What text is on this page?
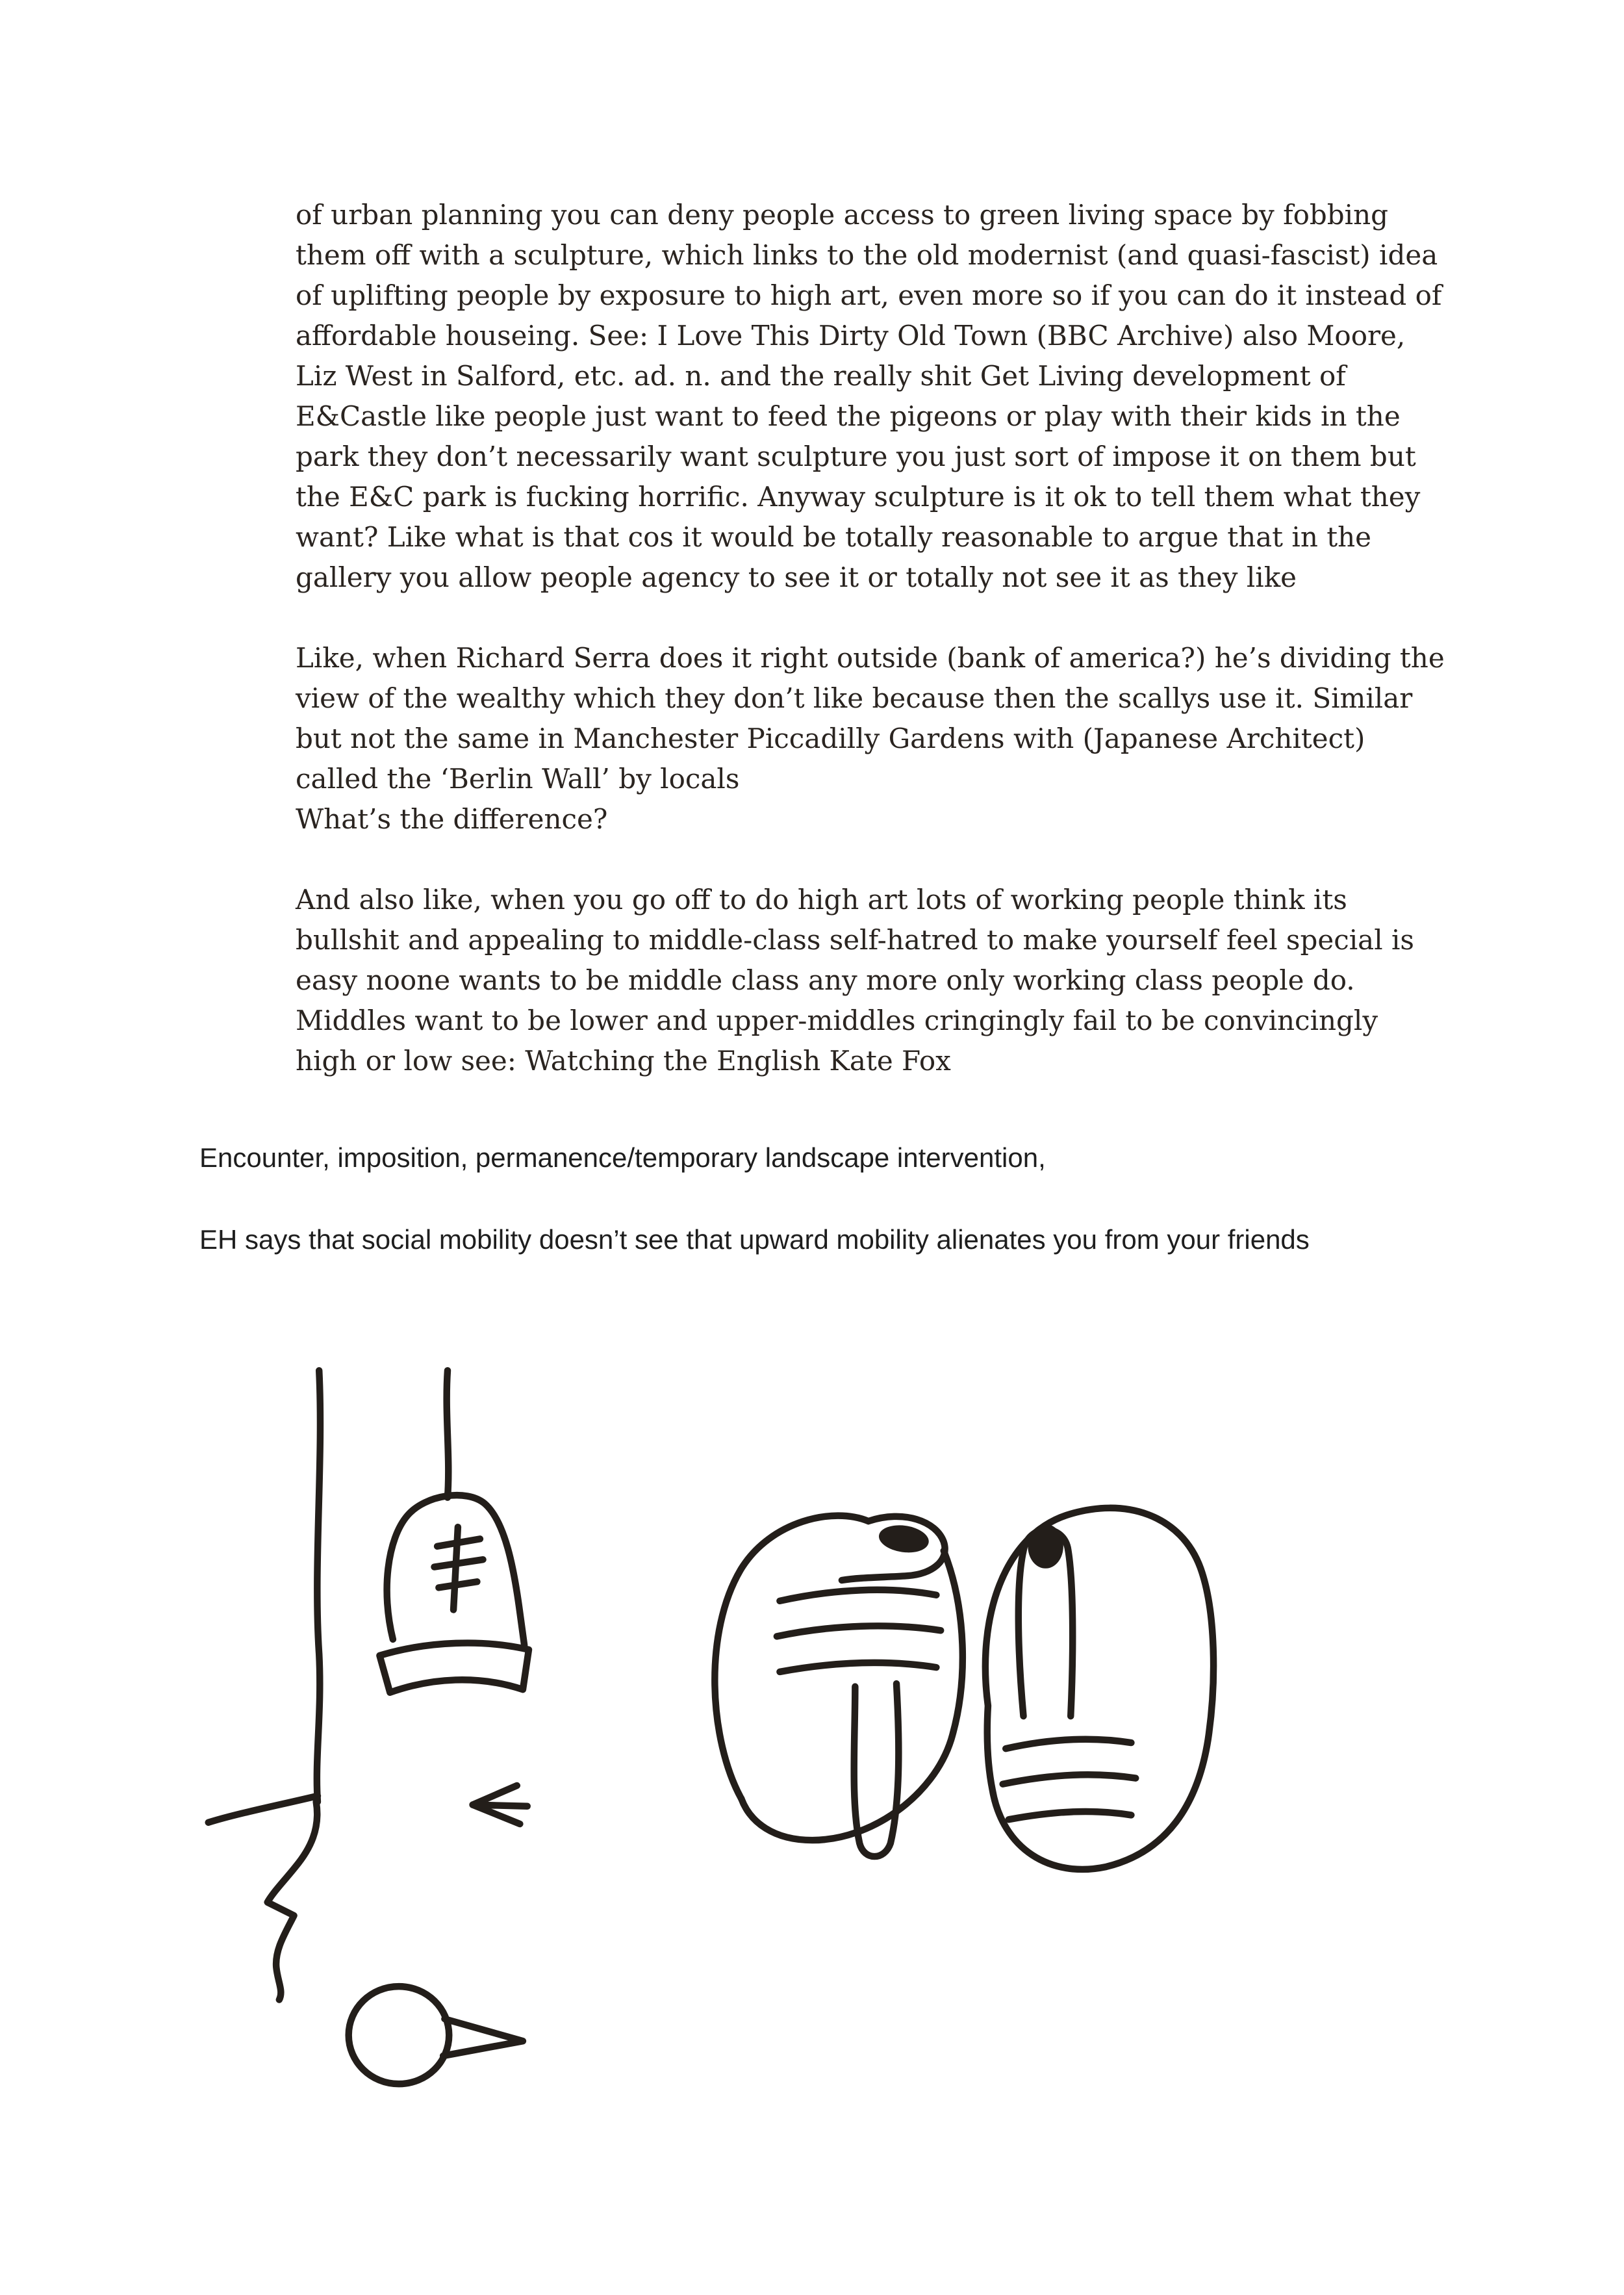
of urban planning you can deny people access to green living space by fobbing them off with a sculpture, which links to the old modernist (and quasi-fascist) idea of uplifting people by exposure to high art, even more so if you can do it instead of affordable houseing. See: I Love This Dirty Old Town (BBC Archive) also Moore, Liz West in Salford, etc. ad. n. and the really shit Get Living development of E&Castle like people just want to feed the pigeons or play with their kids in the park they don’t necessarily want sculpture you just sort of impose it on them but the E&C park is fucking horrific. Anyway sculpture is it ok to tell them what they want? Like what is that cos it would be totally reasonable to argue that in the gallery you allow people agency to see it or totally not see it as they like

Like, when Richard Serra does it right outside (bank of america?) he’s dividing the view of the wealthy which they don’t like because then the scallys use it. Similar but not the same in Manchester Piccadilly Gardens with (Japanese Architect) called the ‘Berlin Wall’ by locals
What’s the difference?

And also like, when you go off to do high art lots of working people think its bullshit and appealing to middle-class self-hatred to make yourself feel special is easy noone wants to be middle class any more only working class people do. Middles want to be lower and upper-middles cringingly fail to be convincingly high or low see: Watching the English Kate Fox

Encounter, imposition, permanence/temporary landscape intervention,
EH says that social mobility doesn’t see that upward mobility alienates you from your friends
